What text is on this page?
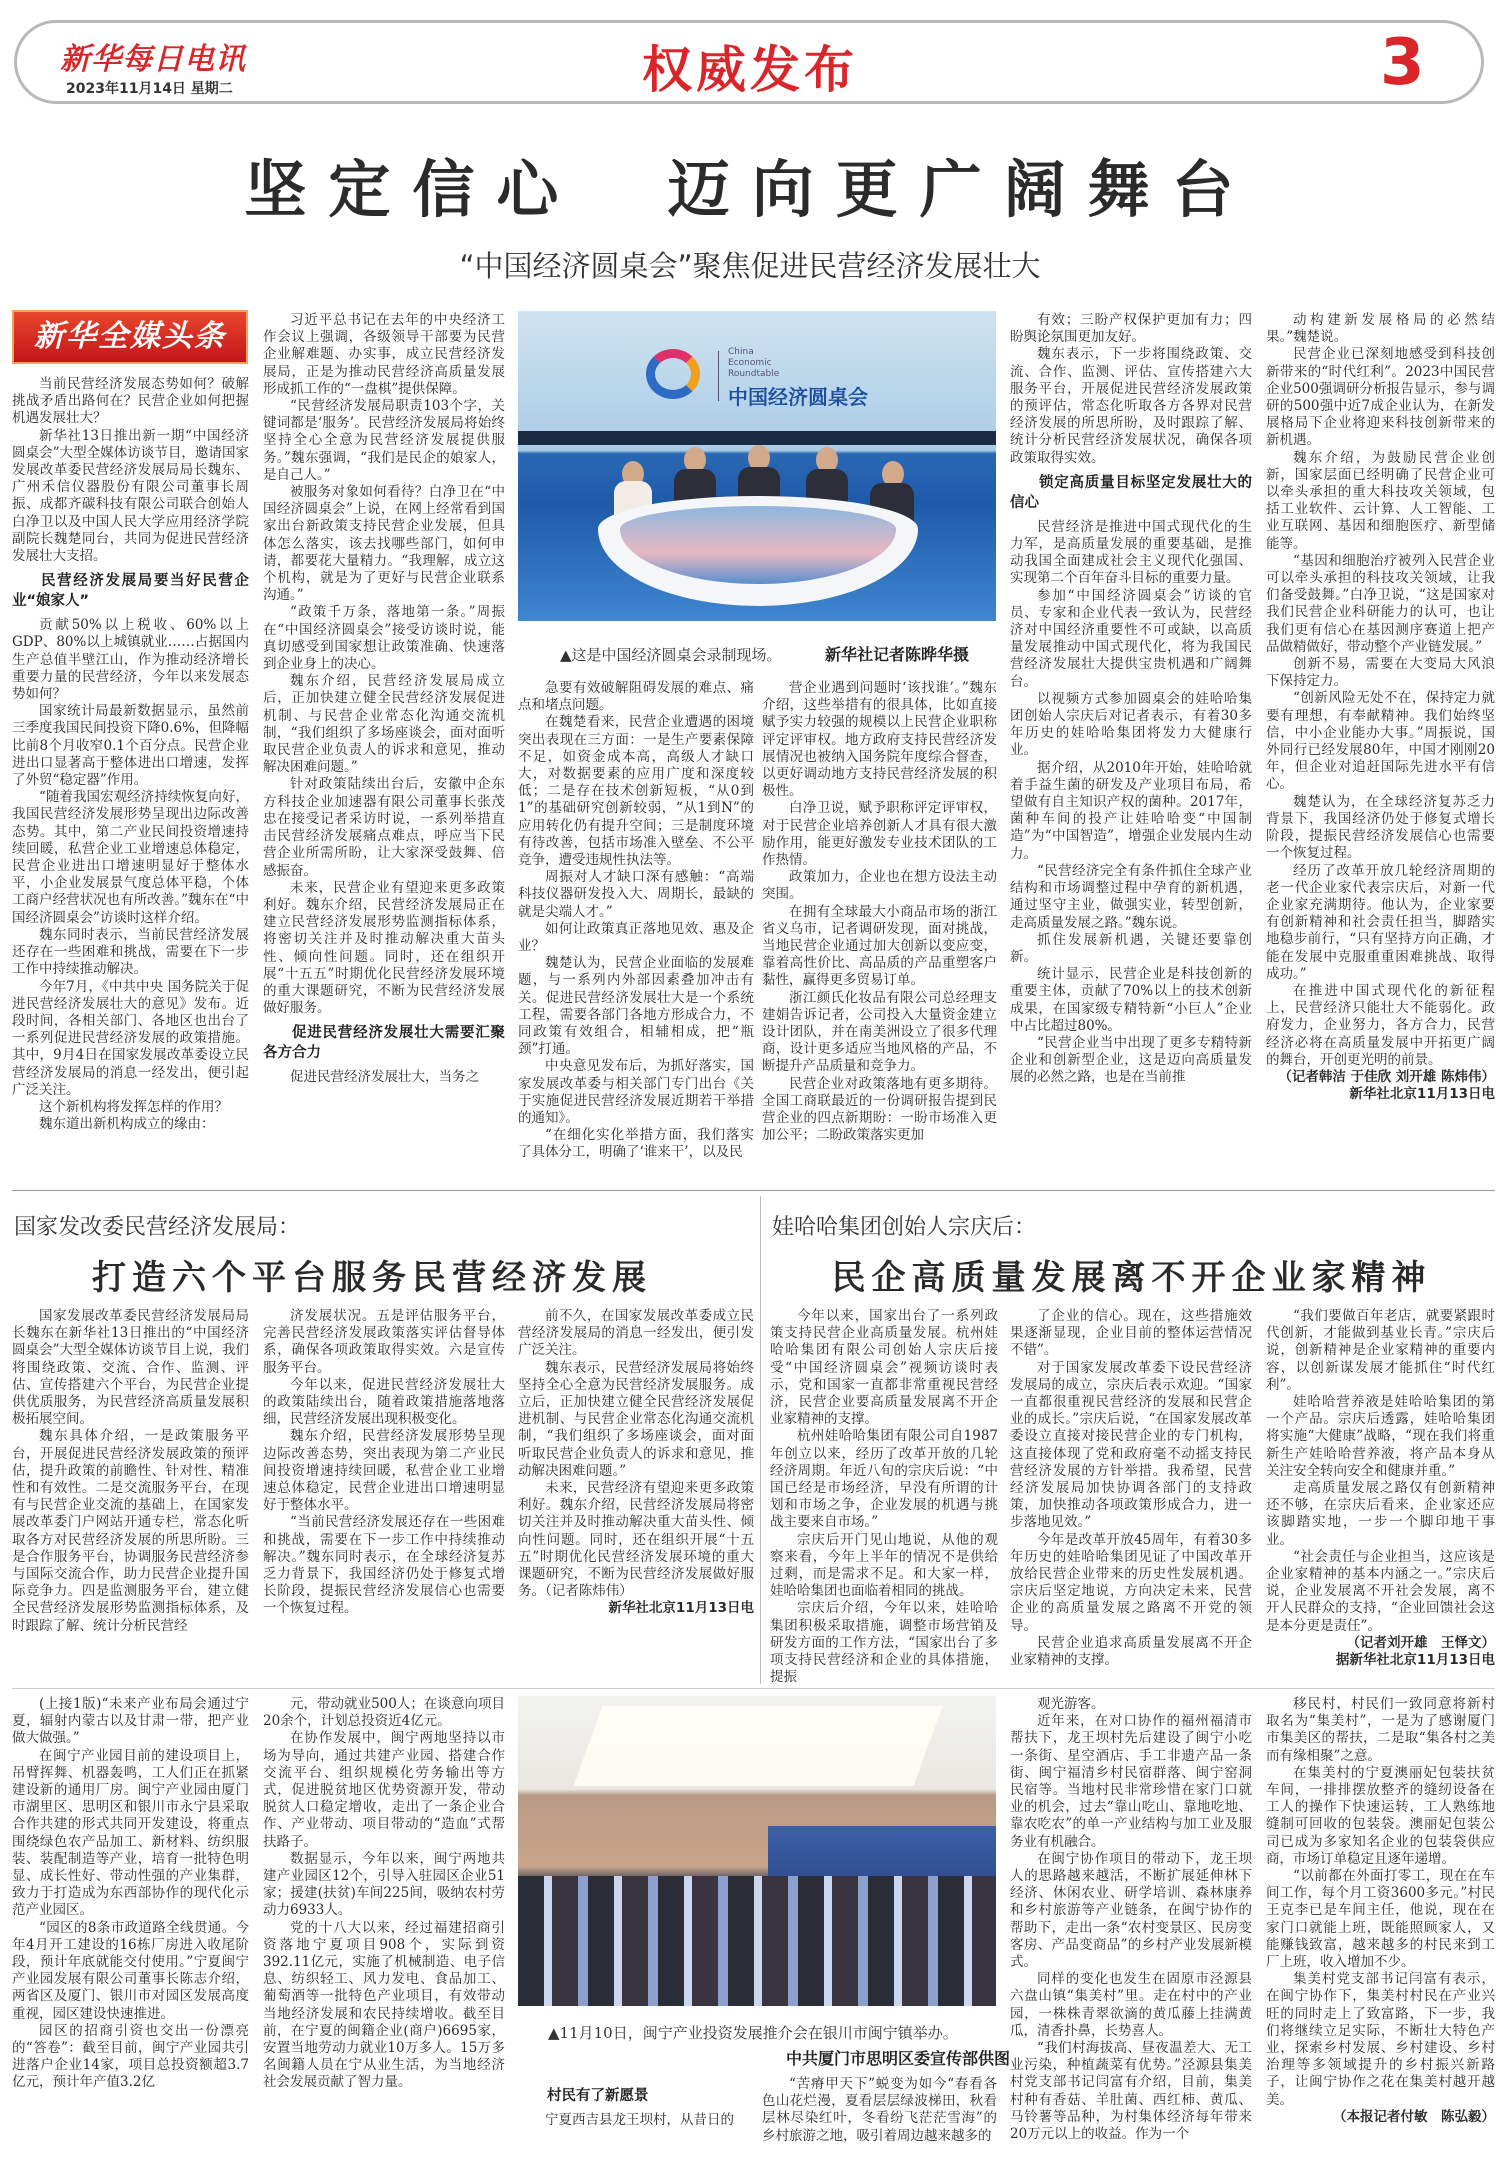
新华每日电讯
2023年11月14日 星期二	权威发布	3
坚定信心  迈向更广阔舞台
“中国经济圆桌会”聚焦促进民营经济发展壮大
新华全媒头条

当前民营经济发展态势如何？破解挑战矛盾出路何在？民营企业如何把握机遇发展壮大？

新华社13日推出新一期“中国经济圆桌会”大型全媒体访谈节目，邀请国家发展改革委民营经济发展局局长魏东、广州禾信仪器股份有限公司董事长周振、成都齐碳科技有限公司联合创始人白净卫以及中国人民大学应用经济学院副院长魏楚同台，共同为促进民营经济发展壮大支招。

民营经济发展局要当好民营企业“娘家人”

贡献50%以上税收、60%以上GDP、80%以上城镇就业……占据国内生产总值半壁江山，作为推动经济增长重要力量的民营经济，今年以来发展态势如何？

国家统计局最新数据显示，虽然前三季度我国民间投资下降0.6%，但降幅比前8个月收窄0.1个百分点。民营企业进出口显著高于整体进出口增速，发挥了外贸“稳定器”作用。

“随着我国宏观经济持续恢复向好，我国民营经济发展形势呈现出边际改善态势。其中，第二产业民间投资增速持续回暖，私营企业工业增速总体稳定，民营企业进出口增速明显好于整体水平，小企业发展景气度总体平稳，个体工商户经营状况也有所改善。”魏东在“中国经济圆桌会”访谈时这样介绍。

魏东同时表示，当前民营经济发展还存在一些困难和挑战，需要在下一步工作中持续推动解决。

今年7月，《中共中央 国务院关于促进民营经济发展壮大的意见》发布。近段时间，各相关部门、各地区也出台了一系列促进民营经济发展的政策措施。其中，9月4日在国家发展改革委设立民营经济发展局的消息一经发出，便引起广泛关注。

这个新机构将发挥怎样的作用？

魏东道出新机构成立的缘由：

习近平总书记在去年的中央经济工作会议上强调，各级领导干部要为民营企业解难题、办实事，成立民营经济发展局，正是为推动民营经济高质量发展形成抓工作的“一盘棋”提供保障。

“民营经济发展局职责103个字，关键词都是‘服务’。民营经济发展局将始终坚持全心全意为民营经济发展提供服务。”魏东强调，“我们是民企的娘家人，是自己人。”

被服务对象如何看待？白净卫在“中国经济圆桌会”上说，在网上经常看到国家出台新政策支持民营企业发展，但具体怎么落实，该去找哪些部门，如何申请，都要花大量精力。“我理解，成立这个机构，就是为了更好与民营企业联系沟通。”

“政策千万条，落地第一条。”周振在“中国经济圆桌会”接受访谈时说，能真切感受到国家想让政策准确、快速落到企业身上的决心。

魏东介绍，民营经济发展局成立后，正加快建立健全民营经济发展促进机制、与民营企业常态化沟通交流机制，“我们组织了多场座谈会，面对面听取民营企业负责人的诉求和意见，推动解决困难问题。”

针对政策陆续出台后，安徽中企东方科技企业加速器有限公司董事长张茂忠在接受记者采访时说，一系列举措直击民营经济发展痛点难点，呼应当下民营企业所需所盼，让大家深受鼓舞、倍感振奋。

未来，民营企业有望迎来更多政策利好。魏东介绍，民营经济发展局正在建立民营经济发展形势监测指标体系，将密切关注并及时推动解决重大苗头性、倾向性问题。同时，还在组织开展“十五五”时期优化民营经济发展环境的重大课题研究，不断为民营经济发展做好服务。

促进民营经济发展壮大需要汇聚各方合力

促进民营经济发展壮大，当务之

China
Economic
Roundtable
中国经济圆桌会
▲这是中国经济圆桌会录制现场。	新华社记者陈晔华摄

急要有效破解阻碍发展的难点、痛点和堵点问题。

在魏楚看来，民营企业遭遇的困境突出表现在三方面：一是生产要素保障不足，如资金成本高，高级人才缺口大，对数据要素的应用广度和深度较低；二是存在技术创新短板，“从0到1”的基础研究创新较弱，“从1到N”的应用转化仍有提升空间；三是制度环境有待改善，包括市场准入壁垒、不公平竞争，遭受违规性执法等。

周振对人才缺口深有感触：“高端科技仪器研发投入大、周期长，最缺的就是尖端人才。”

如何让政策真正落地见效、惠及企业？

魏楚认为，民营企业面临的发展难题，与一系列内外部因素叠加冲击有关。促进民营经济发展壮大是一个系统工程，需要各部门各地方形成合力，不同政策有效组合，相辅相成，把“瓶颈”打通。

中央意见发布后，为抓好落实，国家发展改革委与相关部门专门出台《关于实施促进民营经济发展近期若干举措的通知》。

“在细化实化举措方面，我们落实了具体分工，明确了‘谁来干’，以及民

营企业遇到问题时‘该找谁’。”魏东介绍，这些举措有的很具体，比如直接赋予实力较强的规模以上民营企业职称评定评审权。地方政府支持民营经济发展情况也被纳入国务院年度综合督查，以更好调动地方支持民营经济发展的积极性。

白净卫说，赋予职称评定评审权，对于民营企业培养创新人才具有很大激励作用，能更好激发专业技术团队的工作热情。

政策加力，企业也在想方设法主动突围。

在拥有全球最大小商品市场的浙江省义乌市，记者调研发现，面对挑战，当地民营企业通过加大创新以变应变，靠着高性价比、高品质的产品重塑客户黏性，赢得更多贸易订单。

浙江颜氏化妆品有限公司总经理支建娟告诉记者，公司投入大量资金建立设计团队，并在南美洲设立了很多代理商，设计更多适应当地风格的产品，不断提升产品质量和竞争力。

民营企业对政策落地有更多期待。全国工商联最近的一份调研报告提到民营企业的四点新期盼：一盼市场准入更加公平；二盼政策落实更加

有效；三盼产权保护更加有力；四盼舆论氛围更加友好。

魏东表示，下一步将围绕政策、交流、合作、监测、评估、宣传搭建六大服务平台，开展促进民营经济发展政策的预评估，常态化听取各方各界对民营经济发展的所思所盼，及时跟踪了解、统计分析民营经济发展状况，确保各项政策取得实效。

锁定高质量目标坚定发展壮大的信心

民营经济是推进中国式现代化的生力军，是高质量发展的重要基础，是推动我国全面建成社会主义现代化强国、实现第二个百年奋斗目标的重要力量。

参加“中国经济圆桌会”访谈的官员、专家和企业代表一致认为，民营经济对中国经济重要性不可或缺，以高质量发展推动中国式现代化，将为我国民营经济发展壮大提供宝贵机遇和广阔舞台。

以视频方式参加圆桌会的娃哈哈集团创始人宗庆后对记者表示，有着30多年历史的娃哈哈集团将发力大健康行业。

据介绍，从2010年开始，娃哈哈就着手益生菌的研发及产业项目布局，希望做有自主知识产权的菌种。2017年，菌种车间的投产让娃哈哈变“中国制造”为“中国智造”，增强企业发展内生动力。

“民营经济完全有条件抓住全球产业结构和市场调整过程中孕育的新机遇，通过坚守主业，做强实业，转型创新，走高质量发展之路。”魏东说。

抓住发展新机遇，关键还要靠创新。

统计显示，民营企业是科技创新的重要主体，贡献了70%以上的技术创新成果，在国家级专精特新“小巨人”企业中占比超过80%。

“民营企业当中出现了更多专精特新企业和创新型企业，这是迈向高质量发展的必然之路，也是在当前推

动构建新发展格局的必然结果。”魏楚说。

民营企业已深刻地感受到科技创新带来的“时代红利”。2023中国民营企业500强调研分析报告显示，参与调研的500强中近7成企业认为，在新发展格局下企业将迎来科技创新带来的新机遇。

魏东介绍，为鼓励民营企业创新，国家层面已经明确了民营企业可以牵头承担的重大科技攻关领域，包括工业软件、云计算、人工智能、工业互联网、基因和细胞医疗、新型储能等。

“基因和细胞治疗被列入民营企业可以牵头承担的科技攻关领域，让我们备受鼓舞。”白净卫说，“这是国家对我们民营企业科研能力的认可，也让我们更有信心在基因测序赛道上把产品做精做好，带动整个产业链发展。”

创新不易，需要在大变局大风浪下保持定力。

“创新风险无处不在，保持定力就要有理想，有奉献精神。我们始终坚信，中小企业能办大事。”周振说，国外同行已经发展80年，中国才刚刚20年，但企业对追赶国际先进水平有信心。

魏楚认为，在全球经济复苏乏力背景下，我国经济仍处于修复式增长阶段，提振民营经济发展信心也需要一个恢复过程。

经历了改革开放几轮经济周期的老一代企业家代表宗庆后，对新一代企业家充满期待。他认为，企业家要有创新精神和社会责任担当，脚踏实地稳步前行，“只有坚持方向正确，才能在发展中克服重重困难挑战、取得成功。”

在推进中国式现代化的新征程上，民营经济只能壮大不能弱化。政府发力，企业努力，各方合力，民营经济必将在高质量发展中开拓更广阔的舞台，开创更光明的前景。

（记者韩洁 于佳欣 刘开雄 陈炜伟）新华社北京11月13日电

国家发改委民营经济发展局：
打造六个平台服务民营经济发展

国家发展改革委民营经济发展局局长魏东在新华社13日推出的“中国经济圆桌会”大型全媒体访谈节目上说，我们将围绕政策、交流、合作、监测、评估、宣传搭建六个平台，为民营企业提供优质服务，为民营经济高质量发展积极拓展空间。

魏东具体介绍，一是政策服务平台，开展促进民营经济发展政策的预评估，提升政策的前瞻性、针对性、精准性和有效性。二是交流服务平台，在现有与民营企业交流的基础上，在国家发展改革委门户网站开通专栏，常态化听取各方对民营经济发展的所思所盼。三是合作服务平台，协调服务民营经济参与国际交流合作，助力民营企业提升国际竞争力。四是监测服务平台，建立健全民营经济发展形势监测指标体系，及时跟踪了解、统计分析民营经

济发展状况。五是评估服务平台，完善民营经济发展政策落实评估督导体系，确保各项政策取得实效。六是宣传服务平台。

今年以来，促进民营经济发展壮大的政策陆续出台，随着政策措施落地落细，民营经济发展出现积极变化。

魏东介绍，民营经济发展形势呈现边际改善态势，突出表现为第二产业民间投资增速持续回暖，私营企业工业增速总体稳定，民营企业进出口增速明显好于整体水平。

“当前民营经济发展还存在一些困难和挑战，需要在下一步工作中持续推动解决。”魏东同时表示，在全球经济复苏乏力背景下，我国经济仍处于修复式增长阶段，提振民营经济发展信心也需要一个恢复过程。

前不久，在国家发展改革委成立民营经济发展局的消息一经发出，便引发广泛关注。

魏东表示，民营经济发展局将始终坚持全心全意为民营经济发展服务。成立后，正加快建立健全民营经济发展促进机制、与民营企业常态化沟通交流机制，“我们组织了多场座谈会，面对面听取民营企业负责人的诉求和意见，推动解决困难问题。”

未来，民营经济有望迎来更多政策利好。魏东介绍，民营经济发展局将密切关注并及时推动解决重大苗头性、倾向性问题。同时，还在组织开展“十五五”时期优化民营经济发展环境的重大课题研究，不断为民营经济发展做好服务。（记者陈炜伟）

新华社北京11月13日电

娃哈哈集团创始人宗庆后：
民企高质量发展离不开企业家精神

今年以来，国家出台了一系列政策支持民营企业高质量发展。杭州娃哈哈集团有限公司创始人宗庆后接受“中国经济圆桌会”视频访谈时表示，党和国家一直都非常重视民营经济，民营企业要高质量发展离不开企业家精神的支撑。

杭州娃哈哈集团有限公司自1987年创立以来，经历了改革开放的几轮经济周期。年近八旬的宗庆后说：“中国已经是市场经济，早没有所谓的计划和市场之争，企业发展的机遇与挑战主要来自市场。”

宗庆后开门见山地说，从他的观察来看，今年上半年的情况不是供给过剩，而是需求不足。和大家一样，娃哈哈集团也面临着相同的挑战。

宗庆后介绍，今年以来，娃哈哈集团积极采取措施，调整市场营销及研发方面的工作方法，“国家出台了多项支持民营经济和企业的具体措施，提振

了企业的信心。现在，这些措施效果逐渐显现，企业目前的整体运营情况不错”。

对于国家发展改革委下设民营经济发展局的成立，宗庆后表示欢迎。“国家一直都很重视民营经济的发展和民营企业的成长。”宗庆后说，“在国家发展改革委设立直接对接民营企业的专门机构，这直接体现了党和政府毫不动摇支持民营经济发展的方针举措。我希望，民营经济发展局加快协调各部门的支持政策，加快推动各项政策形成合力，进一步落地见效。”

今年是改革开放45周年，有着30多年历史的娃哈哈集团见证了中国改革开放给民营企业带来的历史性发展机遇。宗庆后坚定地说，方向决定未来，民营企业的高质量发展之路离不开党的领导。

民营企业追求高质量发展离不开企业家精神的支撑。

“我们要做百年老店，就要紧跟时代创新，才能做到基业长青。”宗庆后说，创新精神是企业家精神的重要内容，以创新谋发展才能抓住“时代红利”。

娃哈哈营养液是娃哈哈集团的第一个产品。宗庆后透露，娃哈哈集团将实施“大健康”战略，“现在我们将重新生产娃哈哈营养液，将产品本身从关注安全转向安全和健康并重。”

走高质量发展之路仅有创新精神还不够，在宗庆后看来，企业家还应该脚踏实地，一步一个脚印地干事业。

“社会责任与企业担当，这应该是企业家精神的基本内涵之一。”宗庆后说，企业发展离不开社会发展，离不开人民群众的支持，“企业回馈社会这是本分更是责任”。

（记者刘开雄　王怿文）

据新华社北京11月13日电

(上接1版)“未来产业布局会通过宁夏，辐射内蒙古以及甘肃一带，把产业做大做强。”

在闽宁产业园目前的建设项目上，吊臂挥舞、机器轰鸣，工人们正在抓紧建设新的通用厂房。闽宁产业园由厦门市湖里区、思明区和银川市永宁县采取合作共建的形式共同开发建设，将重点围绕绿色农产品加工、新材料、纺织服装、装配制造等产业，培育一批特色明显、成长性好、带动性强的产业集群，致力于打造成为东西部协作的现代化示范产业园区。

“园区的8条市政道路全线贯通。今年4月开工建设的16栋厂房进入收尾阶段，预计年底就能交付使用。”宁夏闽宁产业园发展有限公司董事长陈志介绍，两省区及厦门、银川市对园区发展高度重视，园区建设快速推进。

园区的招商引资也交出一份漂亮的“答卷”：截至目前，闽宁产业园共引进落户企业14家，项目总投资额超3.7亿元，预计年产值3.2亿

元，带动就业500人；在谈意向项目20余个，计划总投资近4亿元。

在协作发展中，闽宁两地坚持以市场为导向，通过共建产业园、搭建合作交流平台、组织规模化劳务输出等方式，促进脱贫地区优势资源开发，带动脱贫人口稳定增收，走出了一条企业合作、产业带动、项目带动的“造血”式帮扶路子。

数据显示，今年以来，闽宁两地共建产业园区12个，引导入驻园区企业51家；援建(扶贫)车间225间，吸纳农村劳动力6933人。

党的十八大以来，经过福建招商引资落地宁夏项目908个，实际到资392.11亿元，实施了机械制造、电子信息、纺织轻工、风力发电、食品加工、葡萄酒等一批特色产业项目，有效带动当地经济发展和农民持续增收。截至目前，在宁夏的闽籍企业(商户)6695家，安置当地劳动力就业10万多人。15万多名闽籍人员在宁从业生活，为当地经济社会发展贡献了智力量。

▲11月10日，闽宁产业投资发展推介会在银川市闽宁镇举办。
中共厦门市思明区委宣传部供图
村民有了新愿景

宁夏西吉县龙王坝村，从昔日的

“苦瘠甲天下”蜕变为如今“春看各色山花烂漫，夏看层层绿波梯田，秋看层林尽染红叶，冬看纷飞茫茫雪海”的乡村旅游之地，吸引着周边越来越多的

观光游客。

近年来，在对口协作的福州福清市帮扶下，龙王坝村先后建设了闽宁小吃一条街、星空酒店、手工非遗产品一条街、闽宁福清乡村民宿群落、闽宁窑洞民宿等。当地村民非常珍惜在家门口就业的机会，过去“靠山吃山、靠地吃地、靠农吃农”的单一产业结构与加工业及服务业有机融合。

在闽宁协作项目的带动下，龙王坝人的思路越来越活，不断扩展延伸林下经济、休闲农业、研学培训、森林康养和乡村旅游等产业链条，在闽宁协作的帮助下，走出一条“农村变景区、民房变客房、产品变商品”的乡村产业发展新模式。

同样的变化也发生在固原市泾源县六盘山镇“集美村”里。走在村中的产业园，一株株青翠欲滴的黄瓜藤上挂满黄瓜，清香扑鼻，长势喜人。

“我们村海拔高、昼夜温差大、无工业污染，种植蔬菜有优势。”泾源县集美村党支部书记闫富有介绍，目前，集美村种有香菇、羊肚菌、西红柿、黄瓜、马铃薯等品种，为村集体经济每年带来20万元以上的收益。作为一个

移民村，村民们一致同意将新村取名为“集美村”，一是为了感谢厦门市集美区的帮扶，二是取“集各村之美而有缘相聚”之意。

在集美村的宁夏澳丽妃包装扶贫车间，一排排摆放整齐的缝纫设备在工人的操作下快速运转，工人熟练地缝制可回收的包装袋。澳丽妃包装公司已成为多家知名企业的包装袋供应商，市场订单稳定且逐年递增。

“以前都在外面打零工，现在在车间工作，每个月工资3600多元。”村民王克李已是车间主任，他说，现在在家门口就能上班，既能照顾家人，又能赚钱致富，越来越多的村民来到工厂上班，收入增加不少。

集美村党支部书记闫富有表示，在闽宁协作下，集美村村民在产业兴旺的同时走上了致富路，下一步，我们将继续立足实际，不断壮大特色产业，探索乡村发展、乡村建设、乡村治理等多领域提升的乡村振兴新路子，让闽宁协作之花在集美村越开越美。

（本报记者付敏　陈弘毅）
